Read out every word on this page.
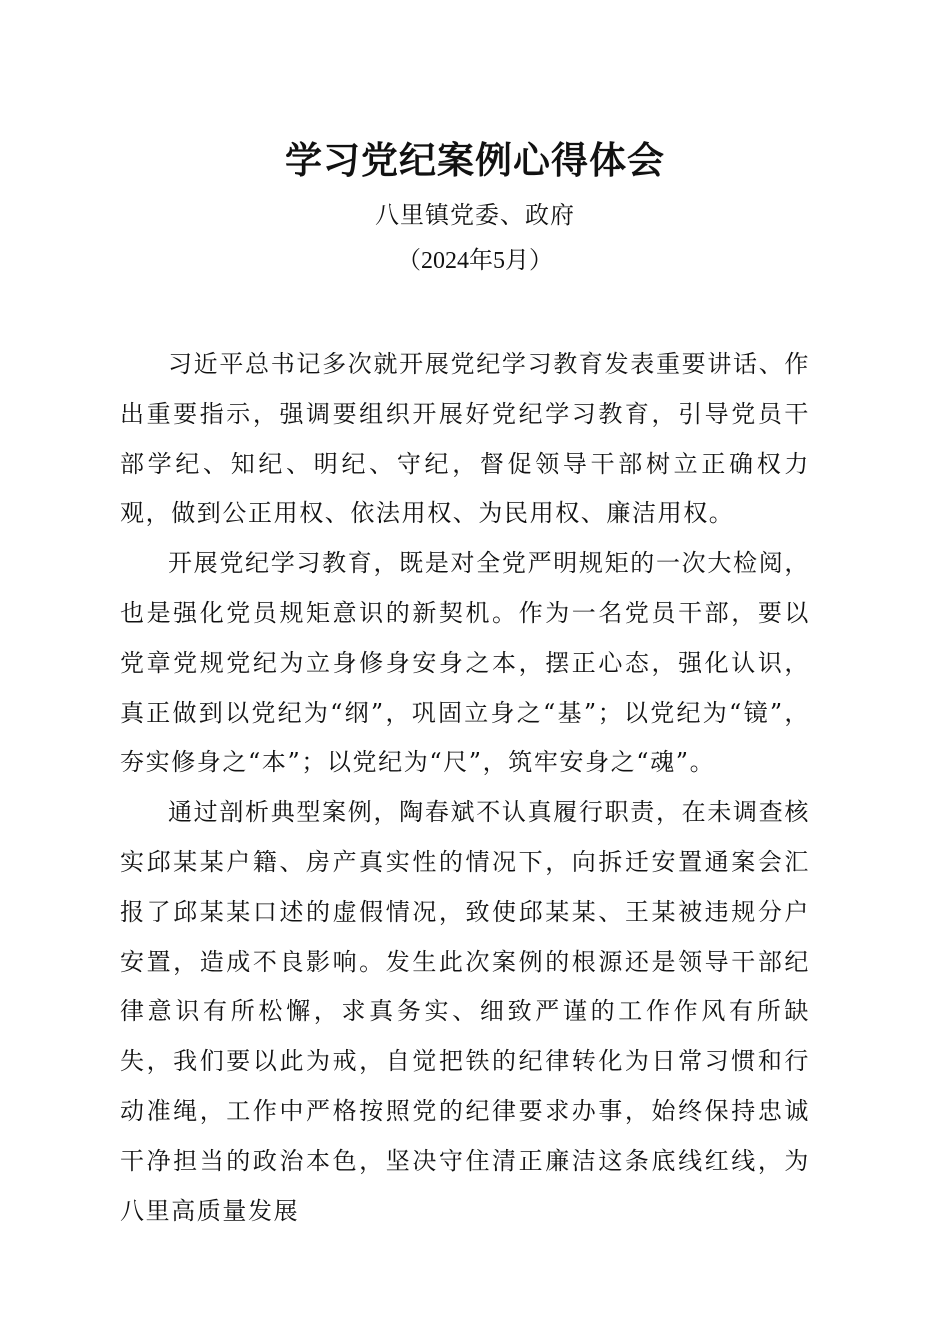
学习党纪案例心得体会
八里镇党委、政府
（2024年5月）

习近平总书记多次就开展党纪学习教育发表重要讲话、作出重要指示，强调要组织开展好党纪学习教育，引导党员干部学纪、知纪、明纪、守纪，督促领导干部树立正确权力观，做到公正用权、依法用权、为民用权、廉洁用权。

开展党纪学习教育，既是对全党严明规矩的一次大检阅，也是强化党员规矩意识的新契机。作为一名党员干部，要以党章党规党纪为立身修身安身之本，摆正心态，强化认识，真正做到以党纪为“纲”，巩固立身之“基”；以党纪为“镜”，夯实修身之“本”；以党纪为“尺”，筑牢安身之“魂”。

通过剖析典型案例，陶春斌不认真履行职责，在未调查核实邱某某户籍、房产真实性的情况下，向拆迁安置通案会汇报了邱某某口述的虚假情况，致使邱某某、王某被违规分户安置，造成不良影响。发生此次案例的根源还是领导干部纪律意识有所松懈，求真务实、细致严谨的工作作风有所缺失，我们要以此为戒，自觉把铁的纪律转化为日常习惯和行动准绳，工作中严格按照党的纪律要求办事，始终保持忠诚干净担当的政治本色，坚决守住清正廉洁这条底线红线，为八里高质量发展
